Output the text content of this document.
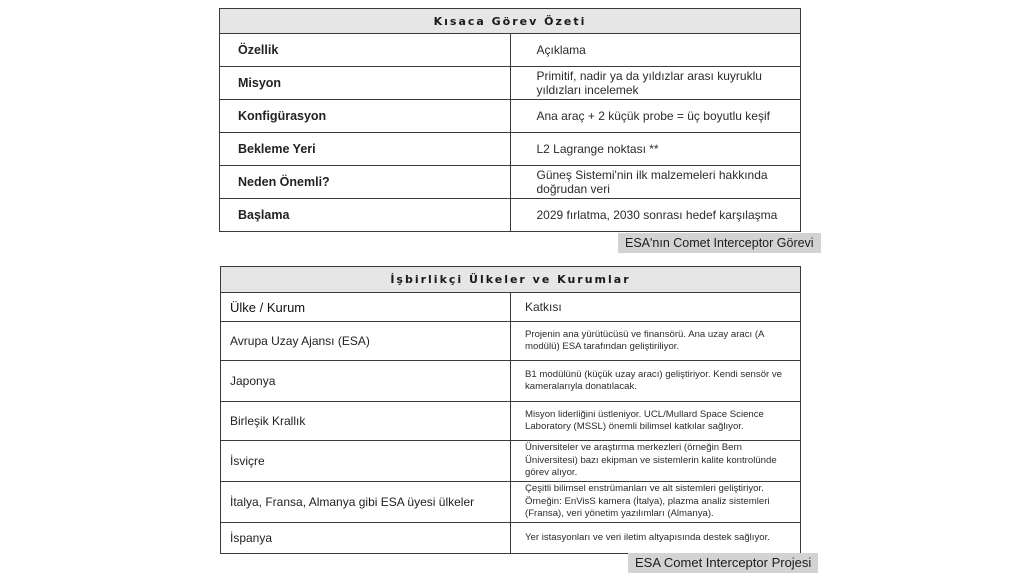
Kısaca Görev Özeti	
Özellik	Açıklama
Misyon	Primitif, nadir ya da yıldızlar arası kuyruklu yıldızları incelemek
Konfigürasyon	Ana araç + 2 küçük probe = üç boyutlu keşif
Bekleme Yeri	L2 Lagrange noktası **
Neden Önemli?	Güneş Sistemi'nin ilk malzemeleri hakkında doğrudan veri
Başlama	2029 fırlatma, 2030 sonrası hedef karşılaşma
ESA'nın Comet Interceptor Görevi
İşbirlikçi Ülkeler ve Kurumlar	
Ülke / Kurum	Katkısı
Avrupa Uzay Ajansı (ESA)	Projenin ana yürütücüsü ve finansörü. Ana uzay aracı (A modülü) ESA tarafından geliştiriliyor.
Japonya	B1 modülünü (küçük uzay aracı) geliştiriyor. Kendi sensör ve kameralarıyla donatılacak.
Birleşik Krallık	Misyon liderliğini üstleniyor. UCL/Mullard Space Science Laboratory (MSSL) önemli bilimsel katkılar sağlıyor.
İsviçre	Üniversiteler ve araştırma merkezleri (örneğin Bern Üniversitesi) bazı ekipman ve sistemlerin kalite kontrolünde görev alıyor.
İtalya, Fransa, Almanya gibi ESA üyesi ülkeler	Çeşitli bilimsel enstrümanları ve alt sistemleri geliştiriyor. Örneğin: EnVisS kamera (İtalya), plazma analiz sistemleri (Fransa), veri yönetim yazılımları (Almanya).
İspanya	Yer istasyonları ve veri iletim altyapısında destek sağlıyor.
ESA Comet Interceptor Projesi
